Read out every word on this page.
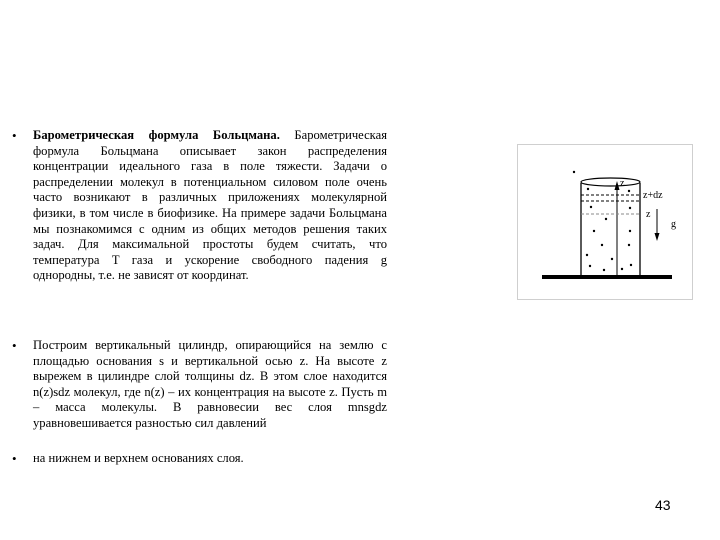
•	Барометрическая формула Больцмана. Барометрическая формула Больцмана описывает закон распределения концентрации идеального газа в поле тяжести. Задачи о распределении молекул в потенциальном силовом поле очень часто возникают в различных приложениях молекулярной физики, в том числе в биофизике. На примере задачи Больцмана мы познакомимся с одним из общих методов решения таких задач. Для максимальной простоты будем считать, что температура T газа и ускорение свободного падения g однородны, т.е. не зависят от координат.
•	Построим вертикальный цилиндр, опирающийся на землю с площадью основания s и вертикальной осью z. На высоте z вырежем в цилиндре слой толщины dz. В этом слое находится n(z)sdz молекул, где n(z) – их концентрация на высоте z. Пусть m – масса молекулы. В равновесии вес слоя mnsgdz уравновешивается разностью сил давлений
•	на нижнем и верхнем основаниях слоя.
z
z+dz
z
g
43
